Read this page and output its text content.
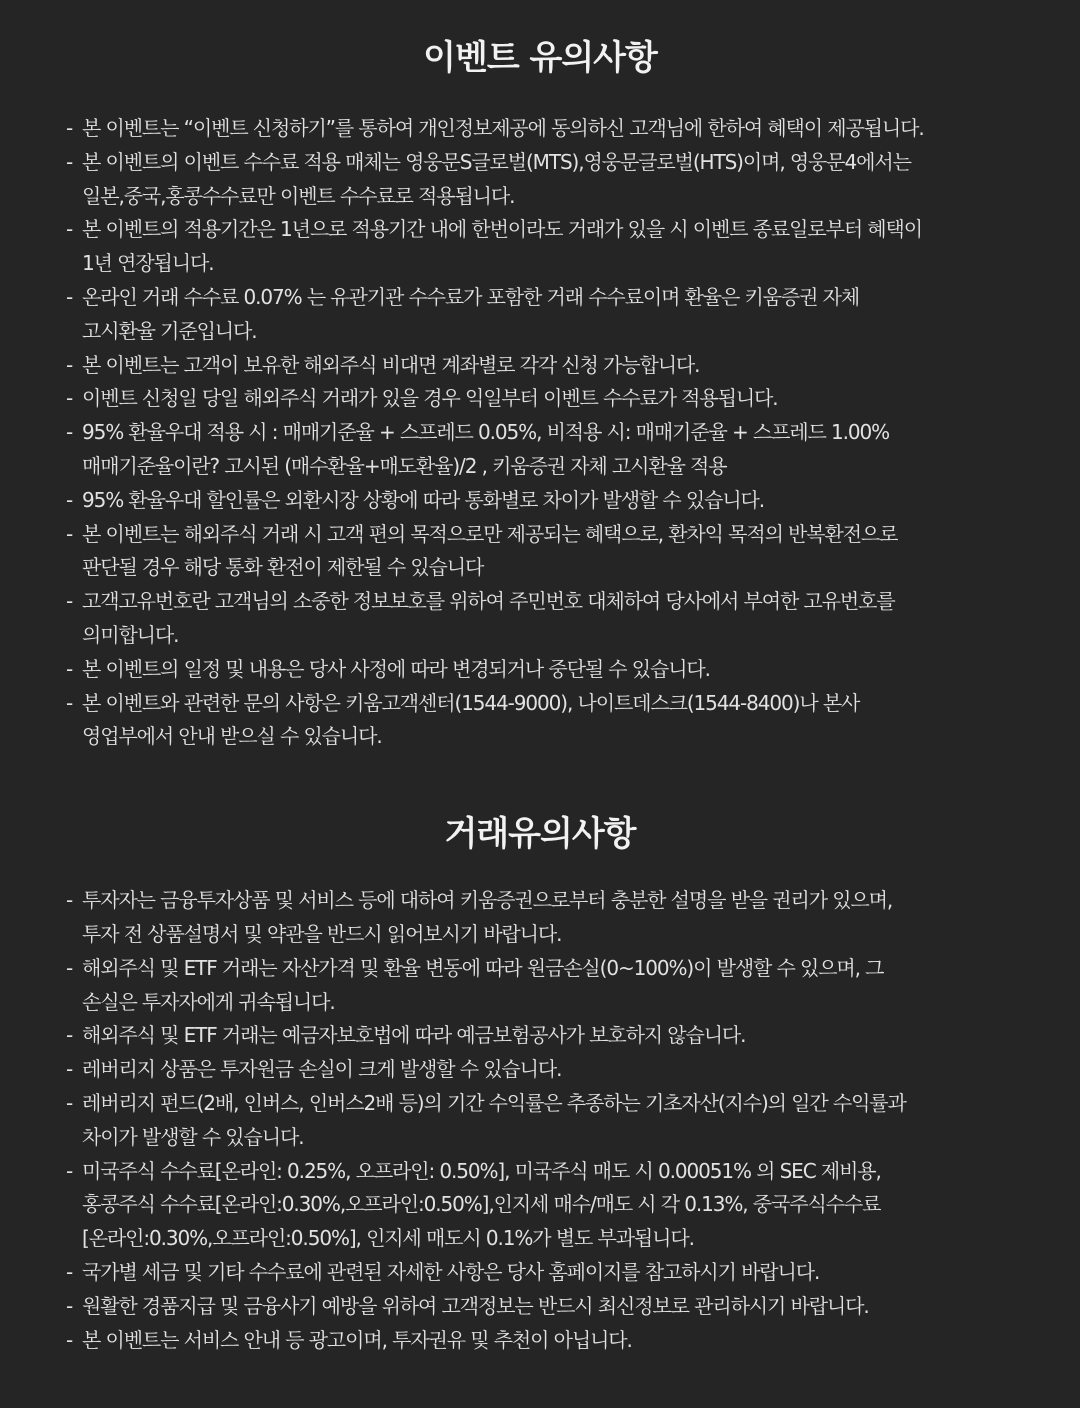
이벤트 유의사항
- 본 이벤트는 “이벤트 신청하기”를 통하여 개인정보제공에 동의하신 고객님에 한하여 혜택이 제공됩니다.
- 본 이벤트의 이벤트 수수료 적용 매체는 영웅문S글로벌(MTS),영웅문글로벌(HTS)이며, 영웅문4에서는
일본,중국,홍콩수수료만 이벤트 수수료로 적용됩니다.
- 본 이벤트의 적용기간은 1년으로 적용기간 내에 한번이라도 거래가 있을 시 이벤트 종료일로부터 혜택이
1년 연장됩니다.
- 온라인 거래 수수료 0.07% 는 유관기관 수수료가 포함한 거래 수수료이며 환율은 키움증권 자체
고시환율 기준입니다.
- 본 이벤트는 고객이 보유한 해외주식 비대면 계좌별로 각각 신청 가능합니다.
- 이벤트 신청일 당일 해외주식 거래가 있을 경우 익일부터 이벤트 수수료가 적용됩니다.
- 95% 환율우대 적용 시 : 매매기준율 + 스프레드 0.05%, 비적용 시: 매매기준율 + 스프레드 1.00%
매매기준율이란? 고시된 (매수환율+매도환율)/2 , 키움증권 자체 고시환율 적용
- 95% 환율우대 할인률은 외환시장 상황에 따라 통화별로 차이가 발생할 수 있습니다.
- 본 이벤트는 해외주식 거래 시 고객 편의 목적으로만 제공되는 혜택으로, 환차익 목적의 반복환전으로
판단될 경우 해당 통화 환전이 제한될 수 있습니다
- 고객고유번호란 고객님의 소중한 정보보호를 위하여 주민번호 대체하여 당사에서 부여한 고유번호를
의미합니다.
- 본 이벤트의 일정 및 내용은 당사 사정에 따라 변경되거나 중단될 수 있습니다.
- 본 이벤트와 관련한 문의 사항은 키움고객센터(1544-9000), 나이트데스크(1544-8400)나 본사
영업부에서 안내 받으실 수 있습니다.
거래유의사항
- 투자자는 금융투자상품 및 서비스 등에 대하여 키움증권으로부터 충분한 설명을 받을 권리가 있으며,
투자 전 상품설명서 및 약관을 반드시 읽어보시기 바랍니다.
- 해외주식 및 ETF 거래는 자산가격 및 환율 변동에 따라 원금손실(0~100%)이 발생할 수 있으며, 그
손실은 투자자에게 귀속됩니다.
- 해외주식 및 ETF 거래는 예금자보호법에 따라 예금보험공사가 보호하지 않습니다.
- 레버리지 상품은 투자원금 손실이 크게 발생할 수 있습니다.
- 레버리지 펀드(2배, 인버스, 인버스2배 등)의 기간 수익률은 추종하는 기초자산(지수)의 일간 수익률과
차이가 발생할 수 있습니다.
- 미국주식 수수료[온라인: 0.25%, 오프라인: 0.50%], 미국주식 매도 시 0.00051% 의 SEC 제비용,
홍콩주식 수수료[온라인:0.30%,오프라인:0.50%],인지세 매수/매도 시 각 0.13%, 중국주식수수료
[온라인:0.30%,오프라인:0.50%], 인지세 매도시 0.1%가 별도 부과됩니다.
- 국가별 세금 및 기타 수수료에 관련된 자세한 사항은 당사 홈페이지를 참고하시기 바랍니다.
- 원활한 경품지급 및 금융사기 예방을 위하여 고객정보는 반드시 최신정보로 관리하시기 바랍니다.
- 본 이벤트는 서비스 안내 등 광고이며, 투자권유 및 추천이 아닙니다.
